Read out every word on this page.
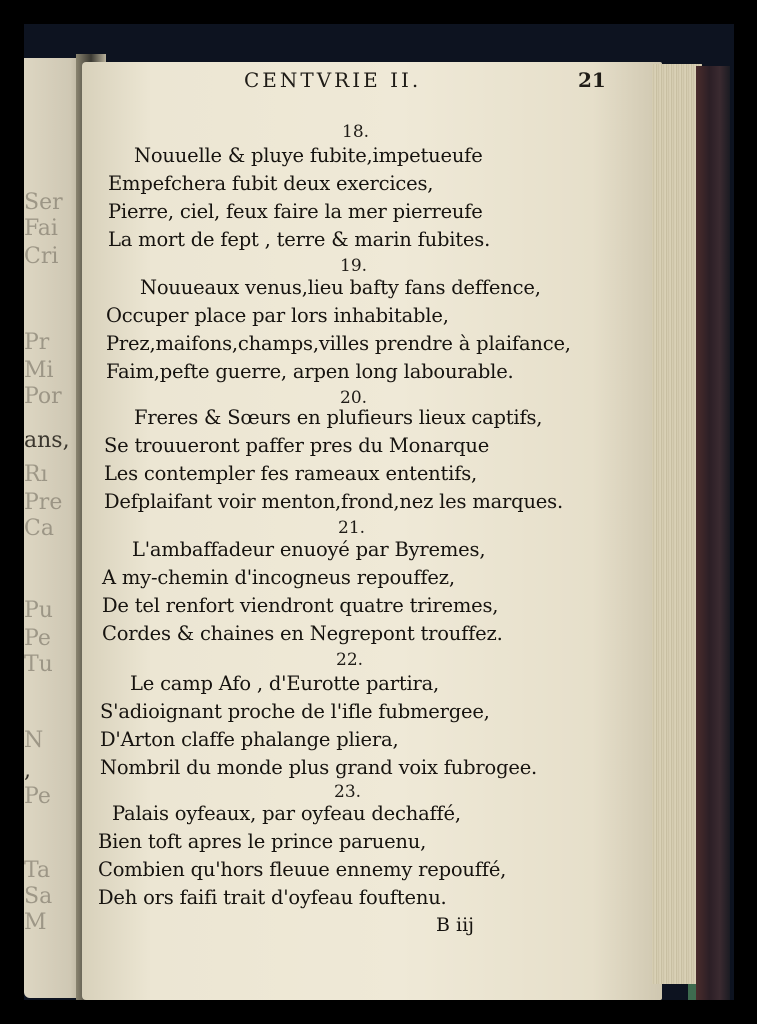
Ser
Fai
Cri
Pr
Mi
Por
ans,
Rı
Pre
Ca
Pu
Pe
Tu
N
,
Pe
Ta
Sa
M
CENTVRIE II.	21
18.
Nouuelle & pluye fubite,impetueufe
Empefchera fubit deux exercices,
Pierre, ciel, feux faire la mer pierreufe
La mort de fept , terre & marin fubites.
19.
Nouueaux venus,lieu bafty fans deffence,
Occuper place par lors inhabitable,
Prez,maifons,champs,villes prendre à plaifance,
Faim,pefte guerre, arpen long labourable.
20.
Freres & Sœurs en plufieurs lieux captifs,
Se trouueront paffer pres du Monarque
Les contempler fes rameaux ententifs,
Defplaifant voir menton,frond,nez les marques.
21.
L'ambaffadeur enuoyé par Byremes,
A my-chemin d'incogneus repouffez,
De tel renfort viendront quatre triremes,
Cordes & chaines en Negrepont trouffez.
22.
Le camp Afo , d'Eurotte partira,
S'adioignant proche de l'ifle fubmergee,
D'Arton claffe phalange pliera,
Nombril du monde plus grand voix fubrogee.
23.
Palais oyfeaux, par oyfeau dechaffé,
Bien toft apres le prince paruenu,
Combien qu'hors fleuue ennemy repouffé,
Deh ors faifi trait d'oyfeau fouftenu.
B iij
